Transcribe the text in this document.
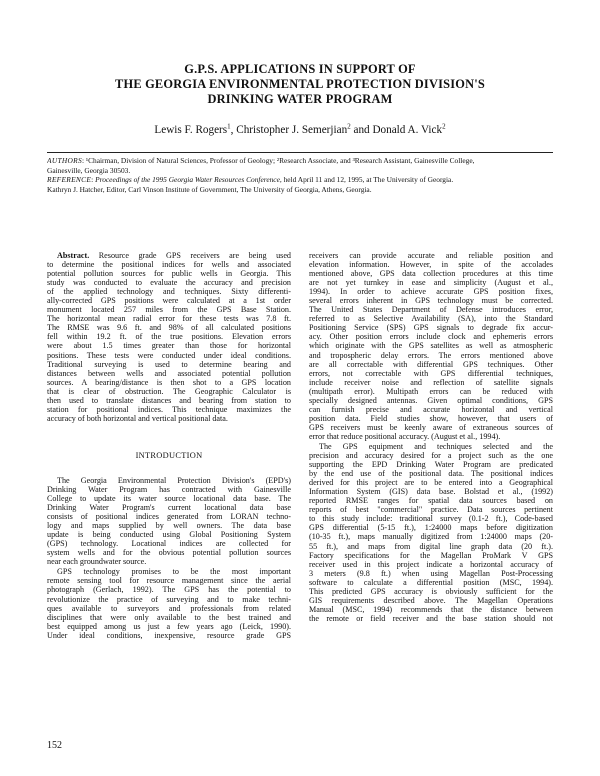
G.P.S. APPLICATIONS IN SUPPORT OF
THE GEORGIA ENVIRONMENTAL PROTECTION DIVISION'S
DRINKING WATER PROGRAM
Lewis F. Rogers$^1$, Christopher J. Semerjian$^2$ and Donald A. Vick$^2$

AUTHORS: ¹Chairman, Division of Natural Sciences, Professor of Geology; ²Research Associate, and ³Research Assistant, Gainesville College,

Gainesville, Georgia 30503.

REFERENCE: Proceedings of the 1995 Georgia Water Resources Conference, held April 11 and 12, 1995, at The University of Georgia.

Kathryn J. Hatcher, Editor, Carl Vinson Institute of Government, The University of Georgia, Athens, Georgia.

Abstract. Resource grade GPS receivers are being used
to determine the positional indices for wells and associated
potential pollution sources for public wells in Georgia. This
study was conducted to evaluate the accuracy and precision
of the applied technology and techniques. Sixty differenti-
ally-corrected GPS positions were calculated at a 1st order
monument located 257 miles from the GPS Base Station.
The horizontal mean radial error for these tests was 7.8 ft.
The RMSE was 9.6 ft. and 98% of all calculated positions
fell within 19.2 ft. of the true positions. Elevation errors
were about 1.5 times greater than those for horizontal
positions. These tests were conducted under ideal conditions.
Traditional surveying is used to determine bearing and
distances between wells and associated potential pollution
sources. A bearing/distance is then shot to a GPS location
that is clear of obstruction. The Geographic Calculator is
then used to translate distances and bearing from station to
station for positional indices. This technique maximizes the
accuracy of both horizontal and vertical positional data.

INTRODUCTION

The Georgia Environmental Protection Division's (EPD's)
Drinking Water Program has contracted with Gainesville
College to update its water source locational data base. The
Drinking Water Program's current locational data base
consists of positional indices generated from LORAN techno-
logy and maps supplied by well owners. The data base
update is being conducted using Global Positioning System
(GPS) technology. Locational indices are collected for
system wells and for the obvious potential pollution sources
near each groundwater source.

GPS technology promises to be the most important
remote sensing tool for resource management since the aerial
photograph (Gerlach, 1992). The GPS has the potential to
revolutionize the practice of surveying and to make techni-
ques available to surveyors and professionals from related
disciplines that were only available to the best trained and
best equipped among us just a few years ago (Leick, 1990).
Under ideal conditions, inexpensive, resource grade GPS

receivers can provide accurate and reliable position and
elevation information. However, in spite of the accolades
mentioned above, GPS data collection procedures at this time
are not yet turnkey in ease and simplicity (August et al.,
1994). In order to achieve accurate GPS position fixes,
several errors inherent in GPS technology must be corrected.
The United States Department of Defense introduces error,
referred to as Selective Availability (SA), into the Standard
Positioning Service (SPS) GPS signals to degrade fix accur-
acy. Other position errors include clock and ephemeris errors
which originate with the GPS satellites as well as atmospheric
and tropospheric delay errors. The errors mentioned above
are all correctable with differential GPS techniques. Other
errors, not correctable with GPS differential techniques,
include receiver noise and reflection of satellite signals
(multipath error). Multipath errors can be reduced with
specially designed antennas. Given optimal conditions, GPS
can furnish precise and accurate horizontal and vertical
position data. Field studies show, however, that users of
GPS receivers must be keenly aware of extraneous sources of
error that reduce positional accuracy. (August et al., 1994).

The GPS equipment and techniques selected and the
precision and accuracy desired for a project such as the one
supporting the EPD Drinking Water Program are predicated
by the end use of the positional data. The positional indices
derived for this project are to be entered into a Geographical
Information System (GIS) data base. Bolstad et al., (1992)
reported RMSE ranges for spatial data sources based on
reports of best "commercial" practice. Data sources pertinent
to this study include: traditional survey (0.1-2 ft.), Code-based
GPS differential (5-15 ft.), 1:24000 maps before digitization
(10-35 ft.), maps manually digitized from 1:24000 maps (20-
55 ft.), and maps from digital line graph data (20 ft.).
Factory specifications for the Magellan ProMark V GPS
receiver used in this project indicate a horizontal accuracy of
3 meters (9.8 ft.) when using Magellan Post-Processing
software to calculate a differential position (MSC, 1994).
This predicted GPS accuracy is obviously sufficient for the
GIS requirements described above. The Magellan Operations
Manual (MSC, 1994) recommends that the distance between
the remote or field receiver and the base station should not

152
